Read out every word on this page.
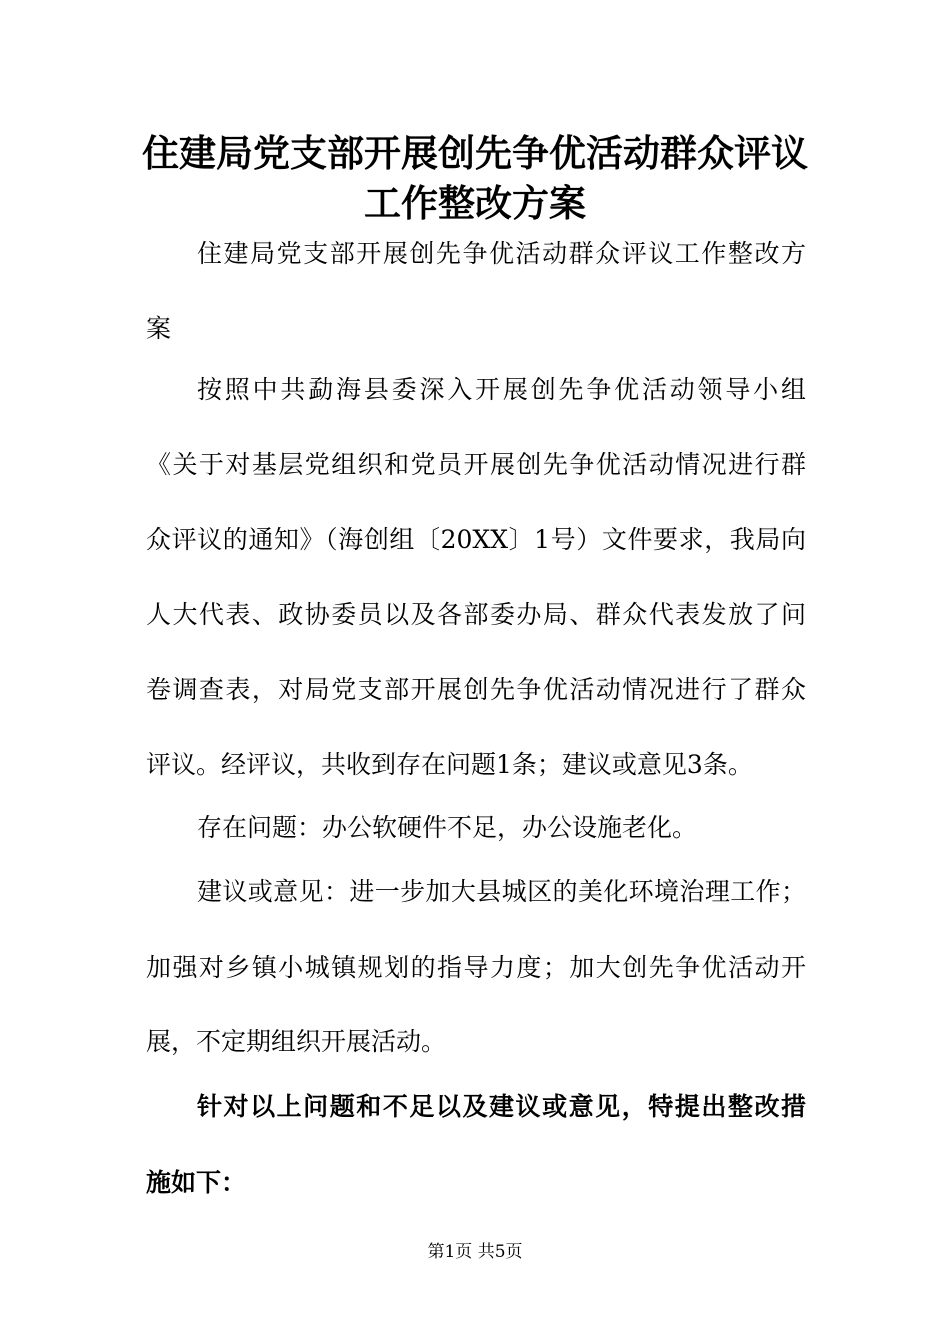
住建局党支部开展创先争优活动群众评议
工作整改方案

住建局党支部开展创先争优活动群众评议工作整改方

案

按照中共勐海县委深入开展创先争优活动领导小组

《关于对基层党组织和党员开展创先争优活动情况进行群

众评议的通知》（海创组〔20XX〕1号）文件要求，我局向

人大代表、政协委员以及各部委办局、群众代表发放了问

卷调查表，对局党支部开展创先争优活动情况进行了群众

评议。经评议，共收到存在问题1条；建议或意见3条。

存在问题：办公软硬件不足，办公设施老化。

建议或意见：进一步加大县城区的美化环境治理工作；

加强对乡镇小城镇规划的指导力度；加大创先争优活动开

展，不定期组织开展活动。

针对以上问题和不足以及建议或意见，特提出整改措

施如下：

第1页 共5页
